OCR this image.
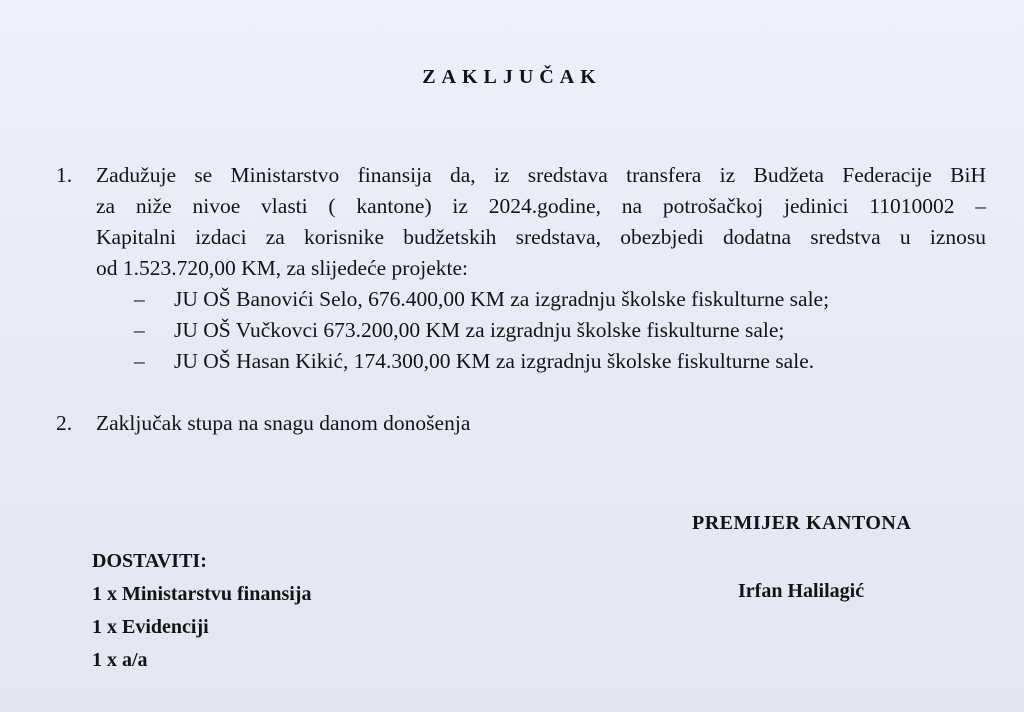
ZAKLJUČAK
1.	Zadužuje se Ministarstvo finansija da, iz sredstava transfera iz Budžeta Federacije BiH
za niže nivoe vlasti ( kantone) iz 2024.godine, na potrošačkoj jedinici 11010002 –
Kapitalni izdaci za korisnike budžetskih sredstava, obezbjedi dodatna sredstva u iznosu
od 1.523.720,00 KM, za slijedeće projekte:
– JU OŠ Banovići Selo, 676.400,00 KM za izgradnju školske fiskulturne sale;
– JU OŠ Vučkovci 673.200,00 KM za izgradnju školske fiskulturne sale;
– JU OŠ Hasan Kikić, 174.300,00 KM za izgradnju školske fiskulturne sale.
2.	Zaključak stupa na snagu danom donošenja
PREMIJER KANTONA
Irfan Halilagić
DOSTAVITI:
1 x Ministarstvu finansija
1 x Evidenciji
1 x a/a
